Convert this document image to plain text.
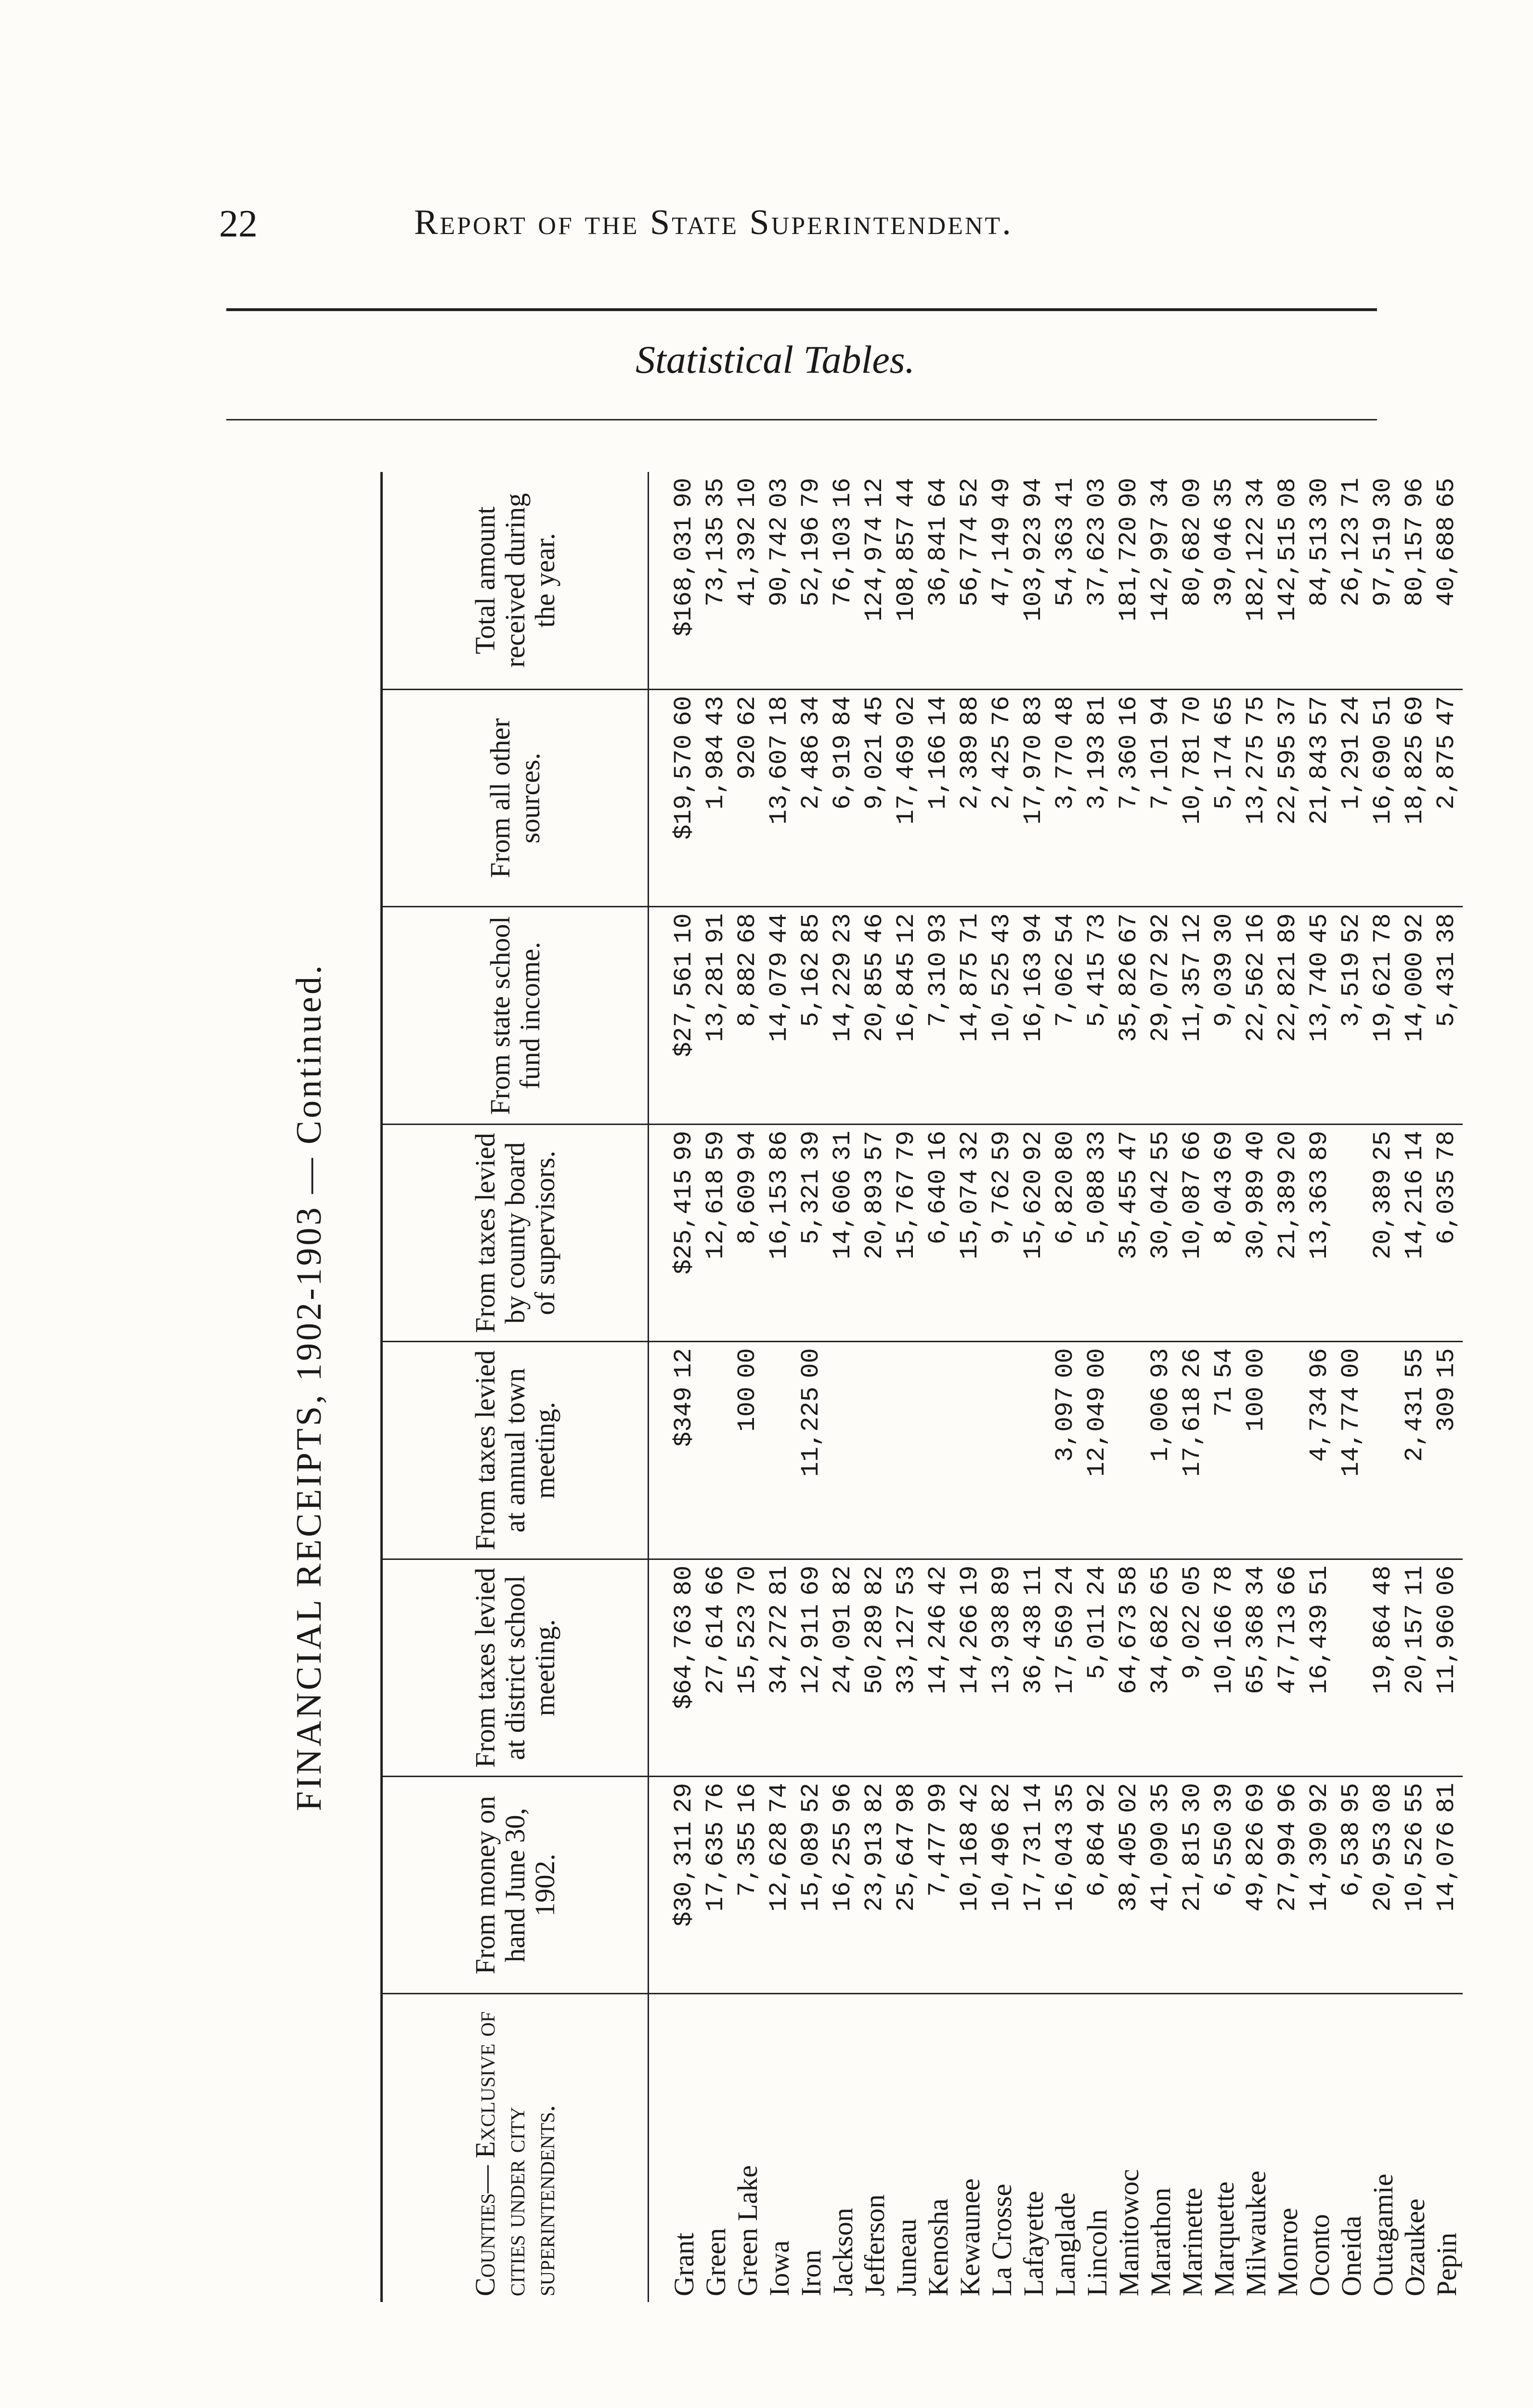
22	Report of the State Superintendent.
Statistical Tables.
FINANCIAL RECEIPTS, 1902-1903 — Continued.
Counties— Exclusive of cities under city superintendents.	From money on hand June 30, 1902.	From taxes levied at district school meeting.	From taxes levied at annual town meeting.	From taxes levied by county board of supervisors.	From state school fund income.	From all other sources.	Total amount received during the year.
Grant	$30,31129	$64,76380	$34912	$25,41599	$27,56110	$19,57060	$168,03190
Green	17,63576	27,61466		12,61859	13,28191	1,98443	73,13535
Green Lake	7,35516	15,52370	10000	8,60994	8,88268	92062	41,39210
Iowa	12,62874	34,27281		16,15386	14,07944	13,60718	90,74203
Iron	15,08952	12,91169	11,22500	5,32139	5,16285	2,48634	52,19679
Jackson	16,25596	24,09182		14,60631	14,22923	6,91984	76,10316
Jefferson	23,91382	50,28982		20,89357	20,85546	9,02145	124,97412
Juneau	25,64798	33,12753		15,76779	16,84512	17,46902	108,85744
Kenosha	7,47799	14,24642		6,64016	7,31093	1,16614	36,84164
Kewaunee	10,16842	14,26619		15,07432	14,87571	2,38988	56,77452
La Crosse	10,49682	13,93889		9,76259	10,52543	2,42576	47,14949
Lafayette	17,73114	36,43811		15,62092	16,16394	17,97083	103,92394
Langlade	16,04335	17,56924	3,09700	6,82080	7,06254	3,77048	54,36341
Lincoln	6,86492	5,01124	12,04900	5,08833	5,41573	3,19381	37,62303
Manitowoc	38,40502	64,67358		35,45547	35,82667	7,36016	181,72090
Marathon	41,09035	34,68265	1,00693	30,04255	29,07292	7,10194	142,99734
Marinette	21,81530	9,02205	17,61826	10,08766	11,35712	10,78170	80,68209
Marquette	6,55039	10,16678	7154	8,04369	9,03930	5,17465	39,04635
Milwaukee	49,82669	65,36834	10000	30,98940	22,56216	13,27575	182,12234
Monroe	27,99496	47,71366		21,38920	22,82189	22,59537	142,51508
Oconto	14,39092	16,43951	4,73496	13,36389	13,74045	21,84357	84,51330
Oneida	6,53895		14,77400		3,51952	1,29124	26,12371
Outagamie	20,95308	19,86448		20,38925	19,62178	16,69051	97,51930
Ozaukee	10,52655	20,15711	2,43155	14,21614	14,00092	18,82569	80,15796
Pepin	14,07681	11,96006	30915	6,03578	5,43138	2,87547	40,68865
